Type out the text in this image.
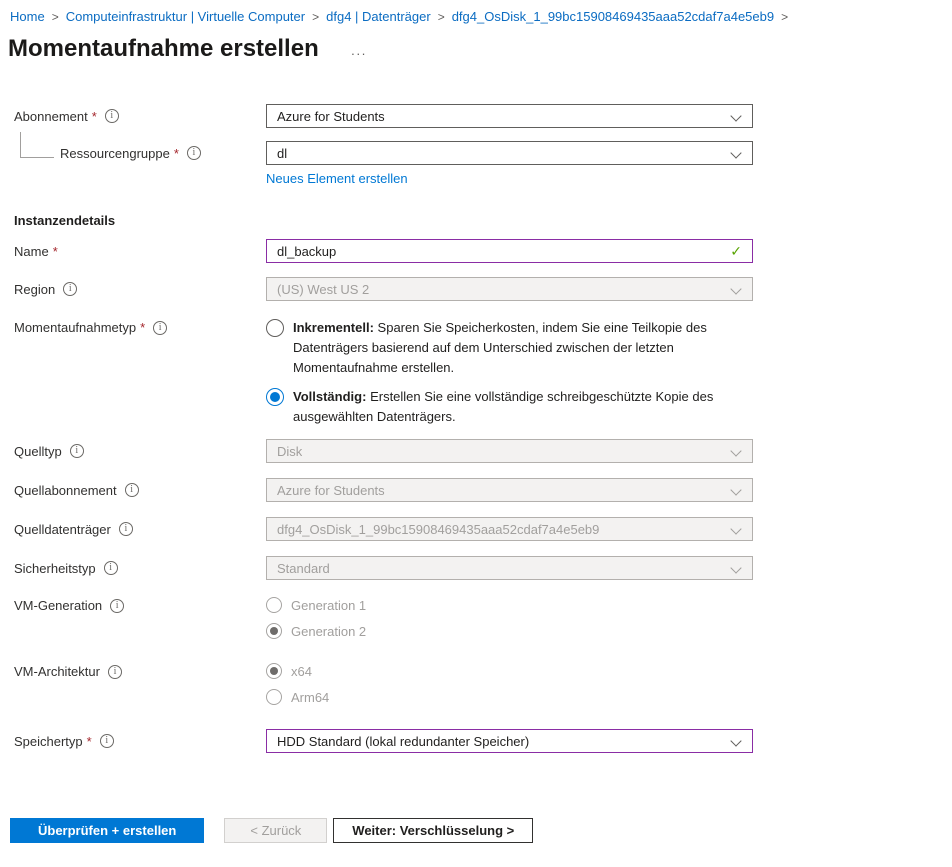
Home > Computeinfrastruktur | Virtuelle Computer > dfg4 | Datenträger > dfg4_OsDisk_1_99bc15908469435aaa52cdaf7a4e5eb9 >
Momentaufnahme erstellen ···
Abonnement * i	Azure for Students
Ressourcengruppe * i	dl
Neues Element erstellen
Instanzendetails
Name *	dl_backup	✓
Region i	(US) West US 2
Momentaufnahmetyp * i	Inkrementell: Sparen Sie Speicherkosten, indem Sie eine Teilkopie des Datenträgers basierend auf dem Unterschied zwischen der letzten Momentaufnahme erstellen.
Vollständig: Erstellen Sie eine vollständige schreibgeschützte Kopie des ausgewählten Datenträgers.
Quelltyp i	Disk
Quellabonnement i	Azure for Students
Quelldatenträger i	dfg4_OsDisk_1_99bc15908469435aaa52cdaf7a4e5eb9
Sicherheitstyp i	Standard
VM-Generation i	Generation 1
Generation 2
VM-Architektur i	x64
Arm64
Speichertyp * i	HDD Standard (lokal redundanter Speicher)
Überprüfen + erstellen	< Zurück	Weiter: Verschlüsselung >
